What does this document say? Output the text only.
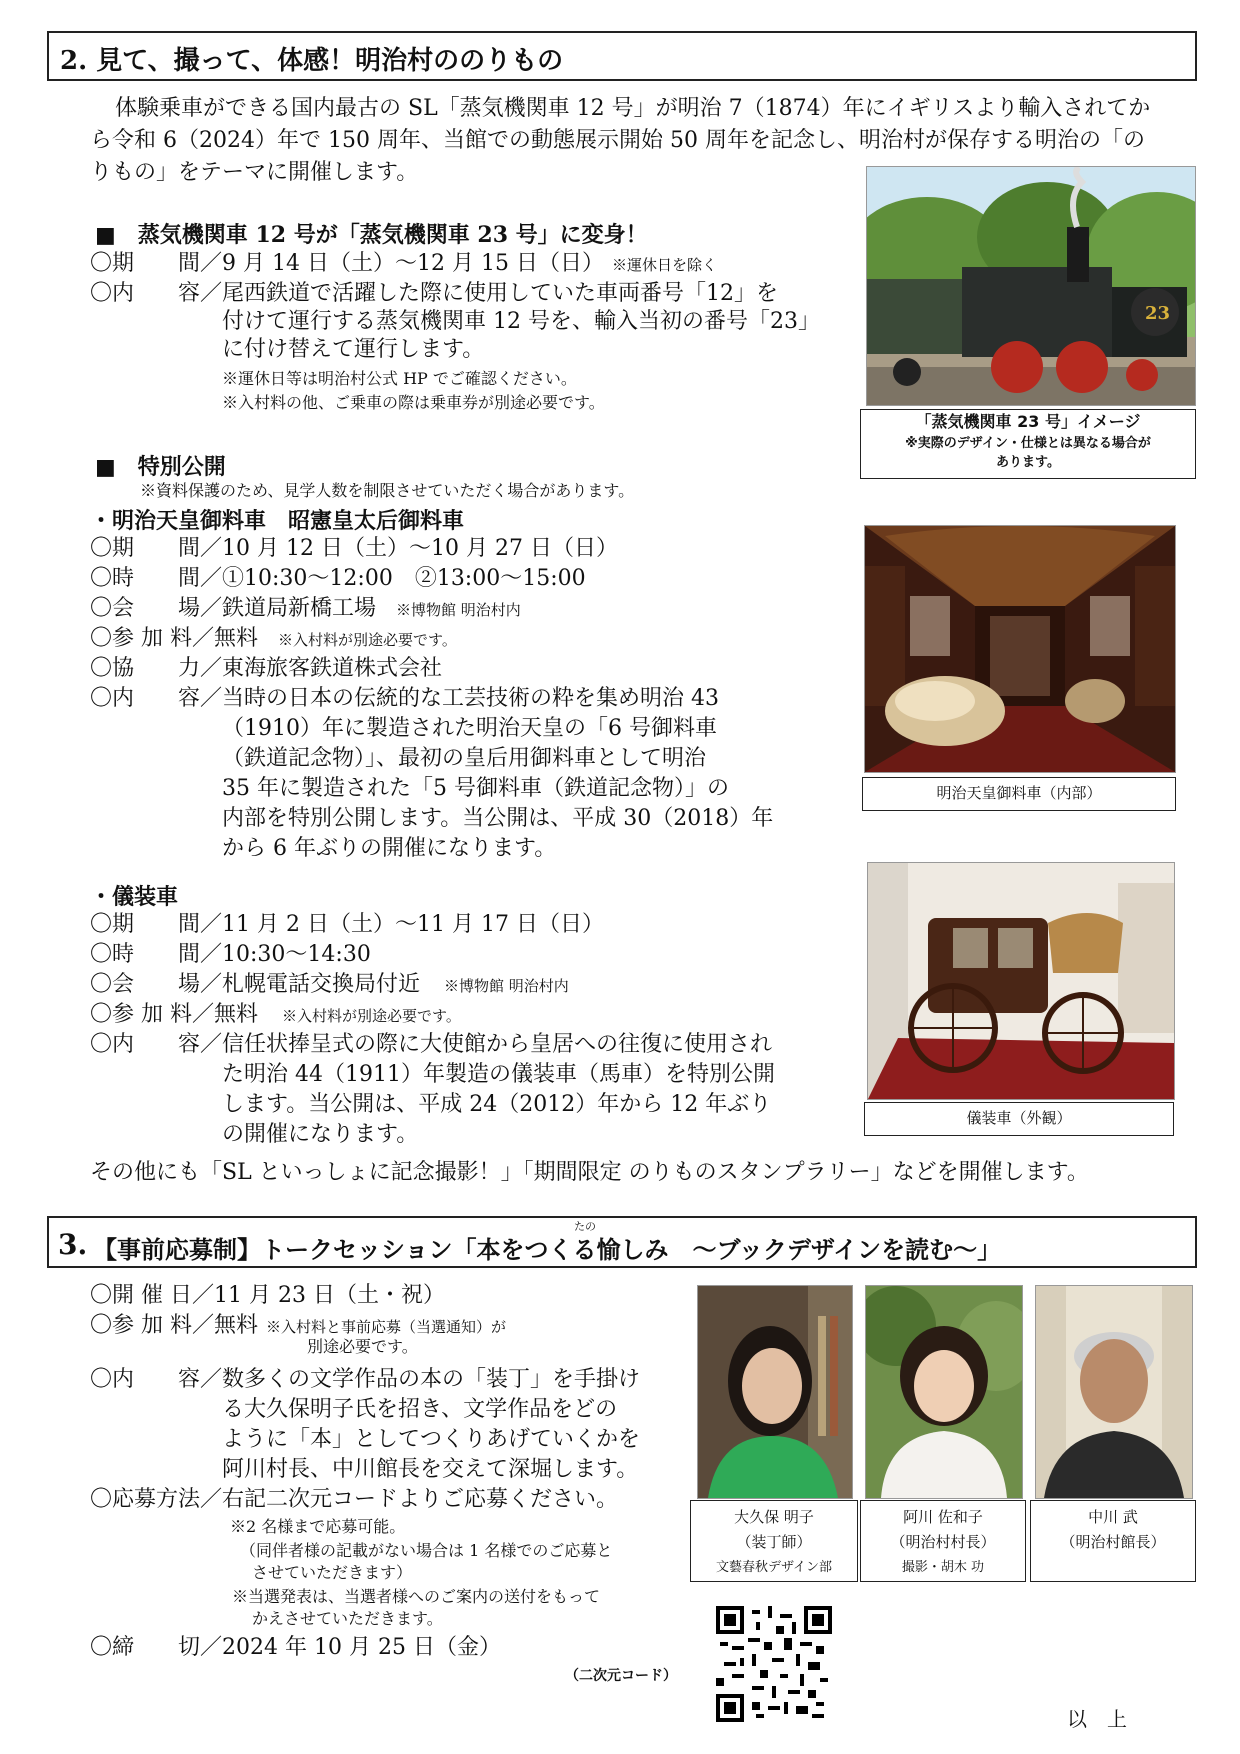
2. 見て、撮って、体感！明治村ののりもの
体験乗車ができる国内最古の SL「蒸気機関車 12 号」が明治 7（1874）年にイギリスより輸入されてか
ら令和 6（2024）年で 150 周年、当館での動態展示開始 50 周年を記念し、明治村が保存する明治の「の
りもの」をテーマに開催します。
■　蒸気機関車 12 号が「蒸気機関車 23 号」に変身！
〇期　　間／9 月 14 日（土）～12 月 15 日（日） ※運休日を除く
〇内　　容／尾西鉄道で活躍した際に使用していた車両番号「12」を
付けて運行する蒸気機関車 12 号を、輸入当初の番号「23」
に付け替えて運行します。
※運休日等は明治村公式 HP でご確認ください。
※入村料の他、ご乗車の際は乗車券が別途必要です。
23
「蒸気機関車 23 号」イメージ
※実際のデザイン・仕様とは異なる場合が
あります。
■　特別公開
※資料保護のため、見学人数を制限させていただく場合があります。
・明治天皇御料車　昭憲皇太后御料車
〇期　　間／10 月 12 日（土）～10 月 27 日（日）
〇時　　間／①10:30～12:00　②13:00～15:00
〇会　　場／鉄道局新橋工場 ※博物館 明治村内
〇参 加 料／無料 ※入村料が別途必要です。
〇協　　力／東海旅客鉄道株式会社
〇内　　容／当時の日本の伝統的な工芸技術の粋を集め明治 43
（1910）年に製造された明治天皇の「6 号御料車
（鉄道記念物）」、最初の皇后用御料車として明治
35 年に製造された「5 号御料車（鉄道記念物）」の
内部を特別公開します。当公開は、平成 30（2018）年
から 6 年ぶりの開催になります。
明治天皇御料車（内部）
・儀装車
〇期　　間／11 月 2 日（土）～11 月 17 日（日）
〇時　　間／10:30～14:30
〇会　　場／札幌電話交換局付近 ※博物館 明治村内
〇参 加 料／無料 ※入村料が別途必要です。
〇内　　容／信任状捧呈式の際に大使館から皇居への往復に使用され
た明治 44（1911）年製造の儀装車（馬車）を特別公開
します。当公開は、平成 24（2012）年から 12 年ぶり
の開催になります。
儀装車（外観）
その他にも「SL といっしょに記念撮影！」「期間限定 のりものスタンプラリー」などを開催します。
3. 【事前応募制】トークセッション「本をつくる愉しみ　～ブックデザインを読む～」
たの
〇開 催 日／11 月 23 日（土・祝）
〇参 加 料／無料 ※入村料と事前応募（当選通知）が
別途必要です。
〇内　　容／数多くの文学作品の本の「装丁」を手掛け
る大久保明子氏を招き、文学作品をどの
ように「本」としてつくりあげていくかを
阿川村長、中川館長を交えて深堀します。
〇応募方法／右記二次元コードよりご応募ください。
※2 名様まで応募可能。
（同伴者様の記載がない場合は 1 名様でのご応募と
させていただきます）
※当選発表は、当選者様へのご案内の送付をもって
かえさせていただきます。
〇締　　切／2024 年 10 月 25 日（金）
（二次元コード）
大久保 明子
（装丁師）
文藝春秋デザイン部
阿川 佐和子
（明治村村長）
撮影・胡木 功
中川 武
（明治村館長）
以　上
